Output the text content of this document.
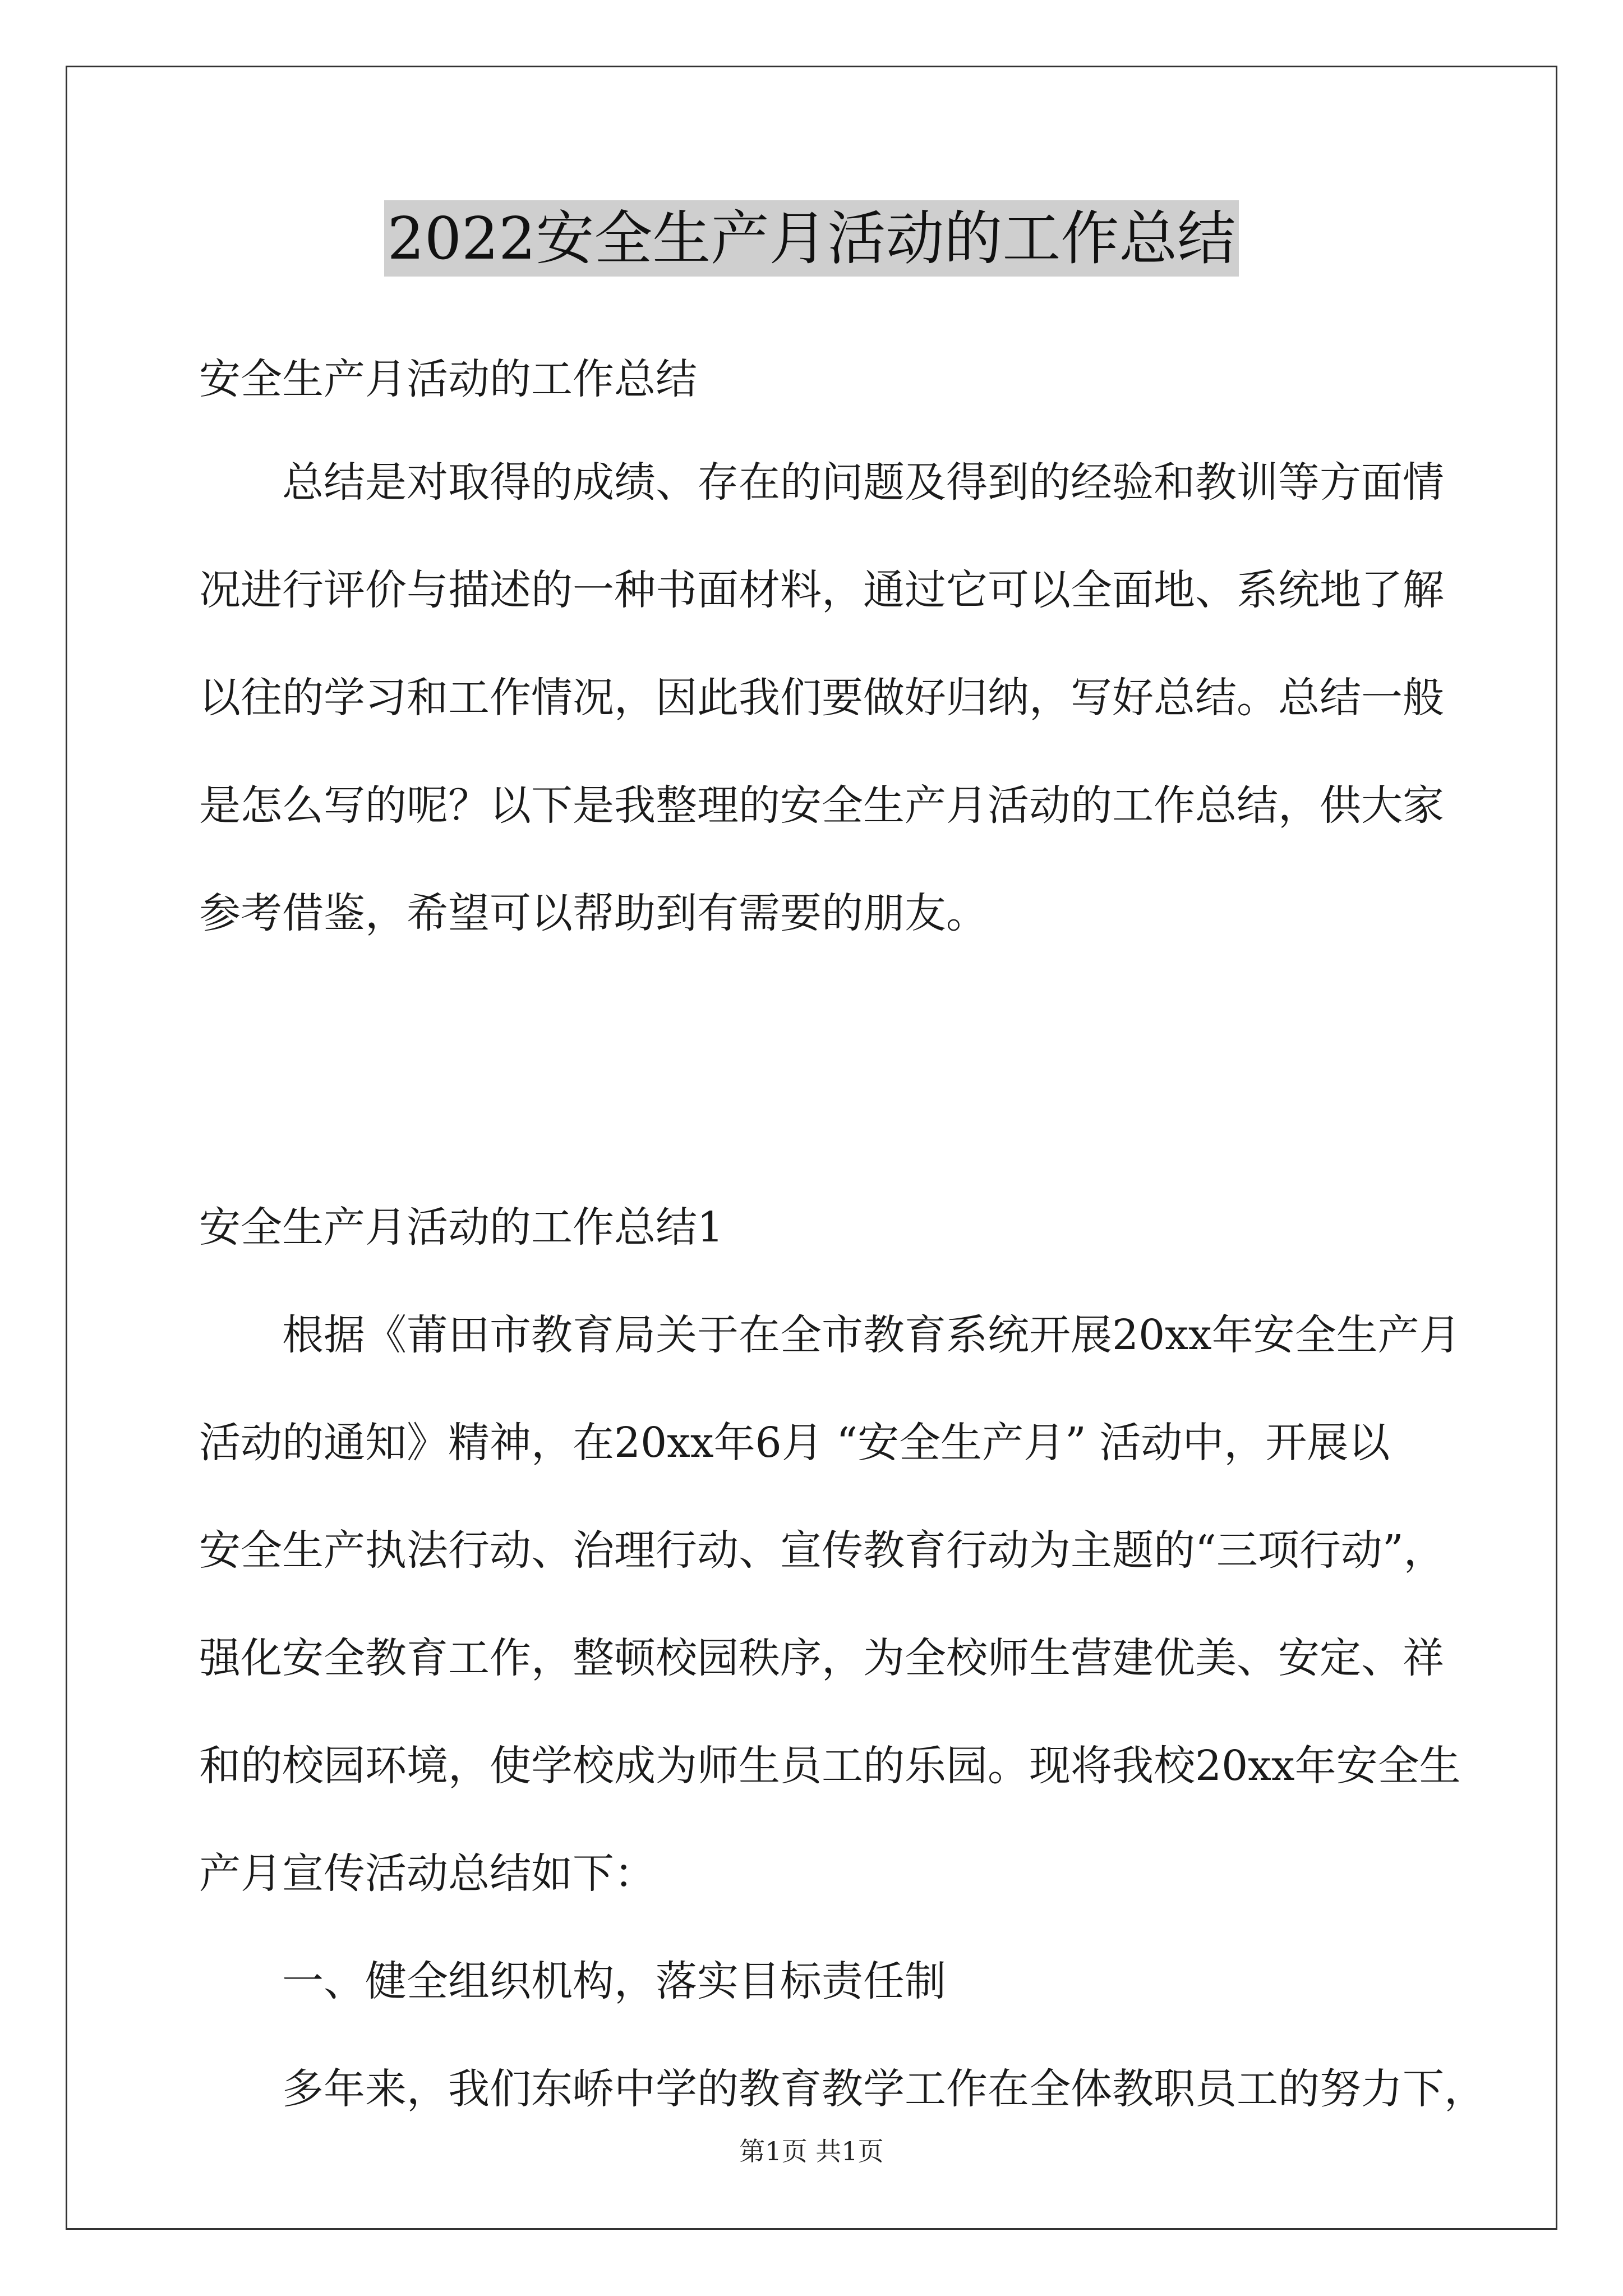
2022安全生产月活动的工作总结
安全生产月活动的工作总结
总结是对取得的成绩、存在的问题及得到的经验和教训等方面情
况进行评价与描述的一种书面材料，通过它可以全面地、系统地了解
以往的学习和工作情况，因此我们要做好归纳，写好总结。总结一般
是怎么写的呢？以下是我整理的安全生产月活动的工作总结，供大家
参考借鉴，希望可以帮助到有需要的朋友。
安全生产月活动的工作总结1
根据《莆田市教育局关于在全市教育系统开展20xx年安全生产月
活动的通知》精神，在20xx年6月 “安全生产月” 活动中，开展以
安全生产执法行动、治理行动、宣传教育行动为主题的“三项行动”，
强化安全教育工作，整顿校园秩序，为全校师生营建优美、安定、祥
和的校园环境，使学校成为师生员工的乐园。现将我校20xx年安全生
产月宣传活动总结如下：
一、健全组织机构，落实目标责任制
多年来，我们东峤中学的教育教学工作在全体教职员工的努力下，
第1页 共1页
